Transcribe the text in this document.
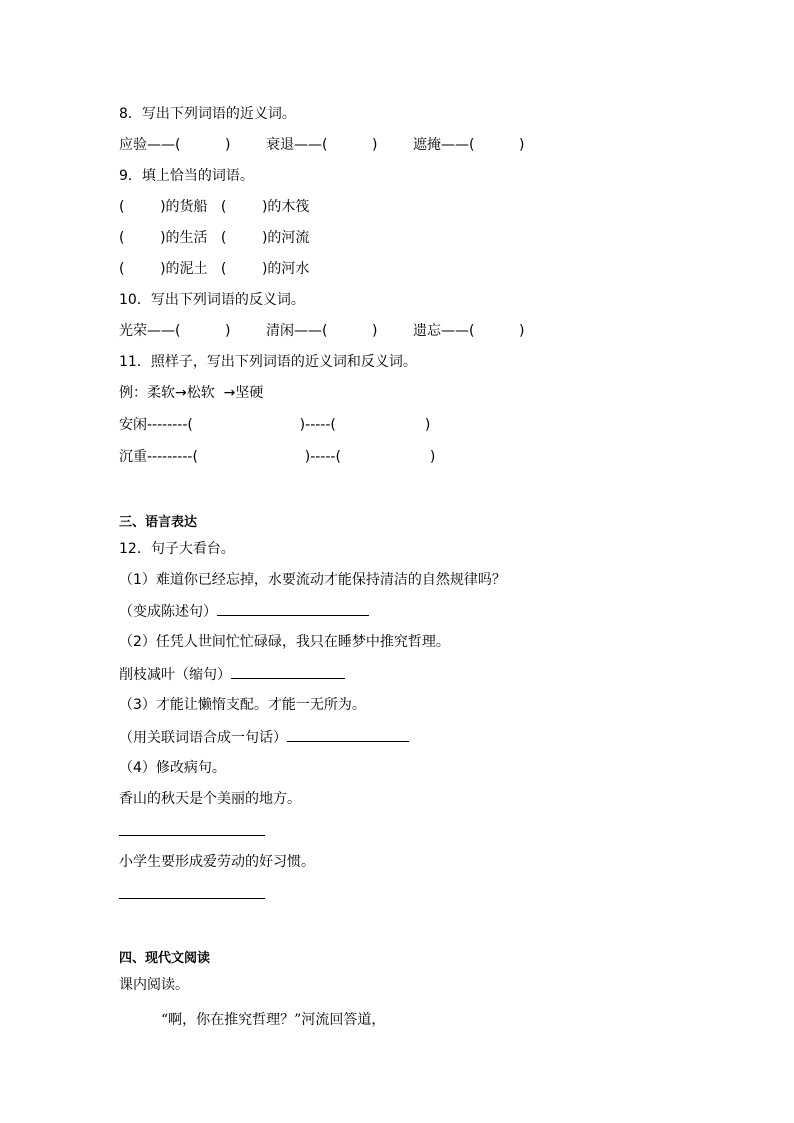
8．写出下列词语的近义词。
应验——(          )        衰退——(          )        遮掩——(          )
9．填上恰当的词语。
(        )的货船   (        )的木筏
(        )的生活   (        )的河流
(        )的泥土   (        )的河水
10．写出下列词语的反义词。
光荣——(          )        清闲——(          )        遗忘——(          )
11．照样子，写出下列词语的近义词和反义词。
例：柔软→松软  →坚硬
安闲--------(                        )-----(                    )
沉重---------(                        )-----(                    )
三、语言表达
12．句子大看台。
（1）难道你已经忘掉，水要流动才能保持清洁的自然规律吗？
（变成陈述句）
（2）任凭人世间忙忙碌碌，我只在睡梦中推究哲理。
削枝减叶（缩句）
（3）才能让懒惰支配。才能一无所为。
（用关联词语合成一句话）
（4）修改病句。
香山的秋天是个美丽的地方。
小学生要形成爱劳动的好习惯。
四、现代文阅读
课内阅读。
“啊，你在推究哲理？”河流回答道，
